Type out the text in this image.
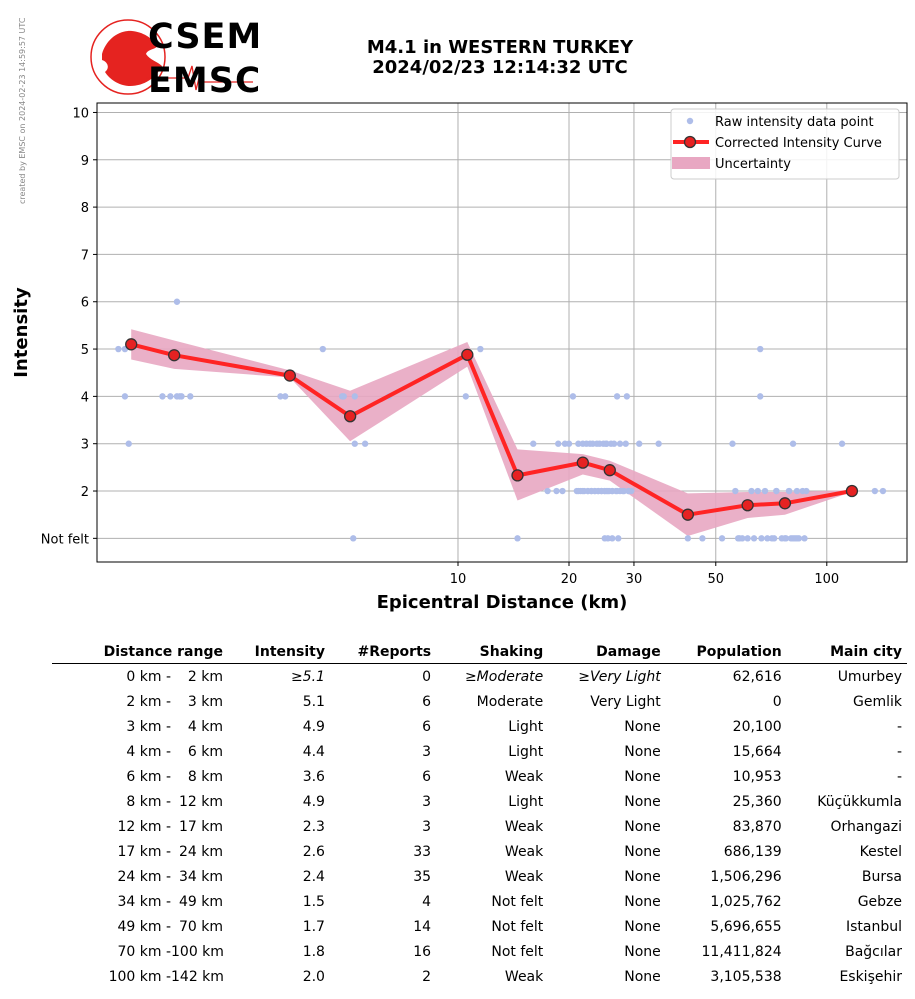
created by EMSC on 2024-02-23 14:59:57 UTC	CSEM
EMSC
M4.1 in WESTERN TURKEY
2024/02/23 12:14:32 UTC
Not felt
2
3
4
5
6
7
8
9
10
10	20	30	50	100
Raw intensity data point
Corrected Intensity Curve
Uncertainty
Epicentral Distance (km)
Intensity
Distance range	Intensity	#Reports	Shaking	Damage	Population	Main city
0 km - 2 km	≥5.1	0	≥Moderate	≥Very Light	62,616	Umurbey
2 km - 3 km	5.1	6	Moderate	Very Light	0	Gemlik
3 km - 4 km	4.9	6	Light	None	20,100	-
4 km - 6 km	4.4	3	Light	None	15,664	-
6 km - 8 km	3.6	6	Weak	None	10,953	-
8 km - 12 km	4.9	3	Light	None	25,360	Küçükkumla
12 km - 17 km	2.3	3	Weak	None	83,870	Orhangazi
17 km - 24 km	2.6	33	Weak	None	686,139	Kestel
24 km - 34 km	2.4	35	Weak	None	1,506,296	Bursa
34 km - 49 km	1.5	4	Not felt	None	1,025,762	Gebze
49 km - 70 km	1.7	14	Not felt	None	5,696,655	Istanbul
70 km -100 km	1.8	16	Not felt	None	11,411,824	Bağcılar
100 km -142 km	2.0	2	Weak	None	3,105,538	Eskişehir
